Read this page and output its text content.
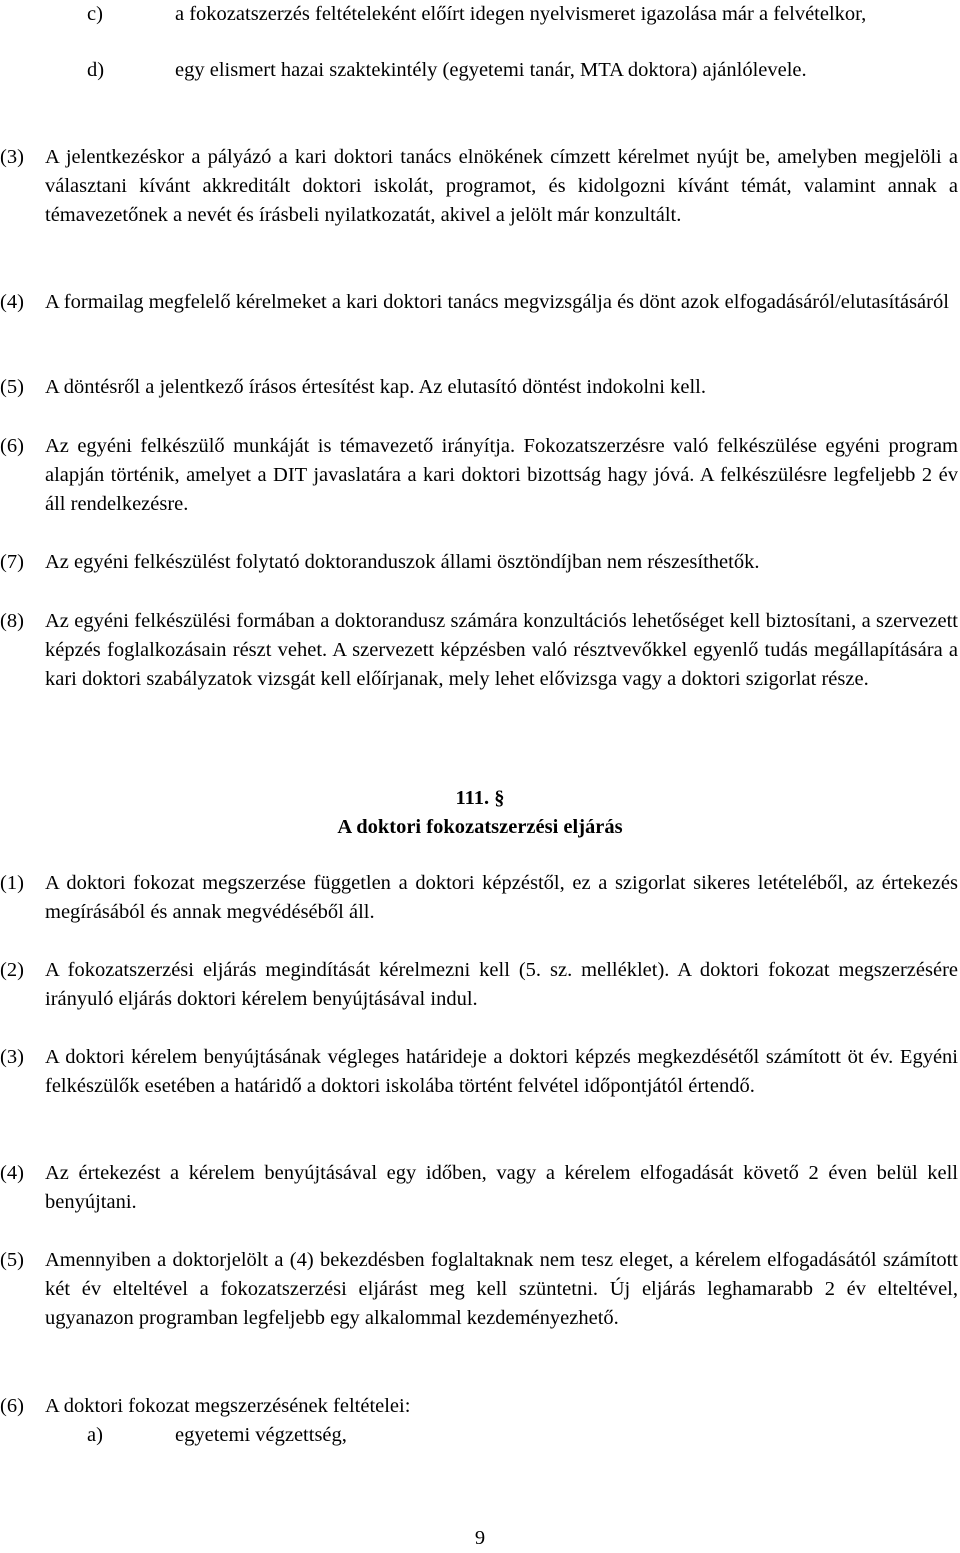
c)	a fokozatszerzés feltételeként előírt idegen nyelvismeret igazolása már a felvételkor,
d)	egy elismert hazai szaktekintély (egyetemi tanár, MTA doktora) ajánlólevele.
(3)	A jelentkezéskor a pályázó a kari doktori tanács elnökének címzett kérelmet nyújt be, amelyben megjelöli a választani kívánt akkreditált doktori iskolát, programot, és kidolgozni kívánt témát, valamint annak a témavezetőnek a nevét és írásbeli nyilatkozatát, akivel a jelölt már konzultált.
(4)	A formailag megfelelő kérelmeket a kari doktori tanács megvizsgálja és dönt azok elfogadásáról/elutasításáról
(5)	A döntésről a jelentkező írásos értesítést kap. Az elutasító döntést indokolni kell.
(6)	Az egyéni felkészülő munkáját is témavezető irányítja. Fokozatszerzésre való felkészülése egyéni program alapján történik, amelyet a DIT javaslatára a kari doktori bizottság hagy jóvá. A felkészülésre legfeljebb 2 év áll rendelkezésre.
(7)	Az egyéni felkészülést folytató doktoranduszok állami ösztöndíjban nem részesíthetők.
(8)	Az egyéni felkészülési formában a doktorandusz számára konzultációs lehetőséget kell biztosítani, a szervezett képzés foglalkozásain részt vehet. A szervezett képzésben való résztvevőkkel egyenlő tudás megállapítására a kari doktori szabályzatok vizsgát kell előírjanak, mely lehet elővizsga vagy a doktori szigorlat része.
111. §
A doktori fokozatszerzési eljárás
(1)	A doktori fokozat megszerzése független a doktori képzéstől, ez a szigorlat sikeres letételéből, az értekezés megírásából és annak megvédéséből áll.
(2)	A fokozatszerzési eljárás megindítását kérelmezni kell (5. sz. melléklet). A doktori fokozat megszerzésére irányuló eljárás doktori kérelem benyújtásával indul.
(3)	A doktori kérelem benyújtásának végleges határideje a doktori képzés megkezdésétől számított öt év. Egyéni felkészülők esetében a határidő a doktori iskolába történt felvétel időpontjától értendő.
(4)	Az értekezést a kérelem benyújtásával egy időben, vagy a kérelem elfogadását követő 2 éven belül kell benyújtani.
(5)	Amennyiben a doktorjelölt a (4) bekezdésben foglaltaknak nem tesz eleget, a kérelem elfogadásától számított két év elteltével a fokozatszerzési eljárást meg kell szüntetni. Új eljárás leghamarabb 2 év elteltével, ugyanazon programban legfeljebb egy alkalommal kezdeményezhető.
(6)	A doktori fokozat megszerzésének feltételei:
a)	egyetemi végzettség,
9
